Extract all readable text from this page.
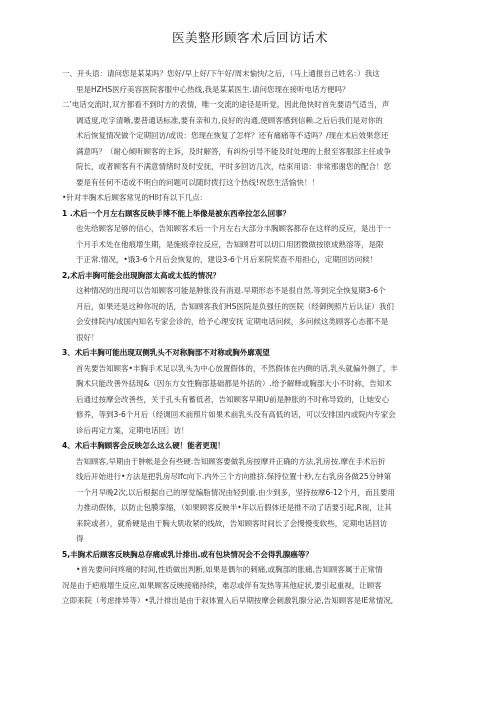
医美整形顾客术后回访话术

一、开头语：请问您是某某吗？您好/早上好/下午好/周末愉快/之后，（马上通报自己姓名：）我这

里是HZHS医疗美容医院客服中心热线,我是某某医生.请问您现在接听电话方便吗？

二’电话交流时,双方都看不到时方的表情，唯一交流的途径是听觉，因此他快时首先要语气适当，声

调适度,吃字清晰,要普通话标准,要有亲和力,良好的沟通,使顾客感到信赖.之后后我们是对你的

术后恢复情况做个定期回访/或说：您现在恢复了怎样？还有痛痛等不适吗？/现在术后效果您还

满意吗？（耐心倾听顾客的主诉，及时解答，有纠纷引导不能及时处理的上报至客服部主任或争

院长，或者顾客有不满意情绪时及时安抚，平时多回访几次，结束用语：非常那谢您的配合！您

要是有任何不适或不明白的问题可以随时拨打这个热线!祝您生活愉快！！

•针对丰胸术后顾客常见的H时有以下几点：

1 .术后一个月左右顾客反映手博不能上举像是被东西牵拉怎么回事？

也先给顾客足够的信心，告知顾客术后一个月左右大部分丰胸顾客都存在这样的反应，是出于一

个月手术处在他痕增生期，是施痕牵拉反应，告知顾君可以切口用团微做按原成熟溶等，是限

于正常.情况，•饿3-6个月后会恢复的，建设3-6个月后来院奖查不用担心，定期回访问候！

2,术后丰胸可能会出现胸部太高或太低的情况？

这种情况的出现可以告知顾客可能是肿胀没有消退.早期形态不是很自然.等到完全恢复期3-6个

月后，如果还是这种你况的话，告知顾客我们HS医院是负强任的医院（经御例照片后认证）我们

会安排院内/或国内知名专家会诊的，给予心理安抚 定期电话问候，多问候这类顾客心态都不是

很好！

3、术后丰胸可能出现双侧乳头不对称胸部不对称或胸外廓观望

首先要告知顾客•丰胸手术足以乳头为中心放置假体的，不然假体在内侧的话,乳头就偏外侧了，丰

胸术只能改善外括现&（因东方女性胸部基础都是外括的）.给予解释或胸部大小不时称，告知术

后通过按摩会改善些，关于孔头有蓄低者，告知顾客早期U前是肿胀的不时称导致的，让她安心

修养，等到3-6个月后（经调回术前照片如果术前乳头没有高低的话，可以安排国内或院内专家会

诊后再定方案，定期电话回］访！

4、术后丰胸顾客会反映怎么这么硬！能者更现！

告知顾客,早期由于肿帐是会有些硬.告知顾客要做乳房按摩并正确的方法,乳房按.摩在手术后折

线后开始进行•方法是把乳房尽Ifc向下.内外三个方向推挤.保持位置十秒,左右乳房各做25分钟第

一个月早晚2次,以后根据自己的厚觉编脂情况由轻到重.由少到多，坚持按摩6-12个月，而且要用

力推动假体，以防止包膜挛缩，（如果顾客反映半•年以后假体还是推不动了话要引起,R视，让其

来院或者），就希硬是由于胸大肌收紧的线故，告知顾客时间长了会慢慢变软些，定期电话回访

得

5,丰胸术后顾客反映胸总存痛或乳计排出.或有包块情况会不会得乳腺癌等？

•首先要问问疼痛的时间,性质做出判断,如果是偶尔的刺痛,或胸部的胀痛,告知顾客属于正常情

况是由于疤痕增生反应,如果顾客反映接痛持续，难忍或伴有发热等其他症状,要引起重视，让顾客

立即来院（考虑排异等）•乳汁排出是由于叙体置入后早期按摩会刺激乳腺分泌,告知顾客是IE常情况,
